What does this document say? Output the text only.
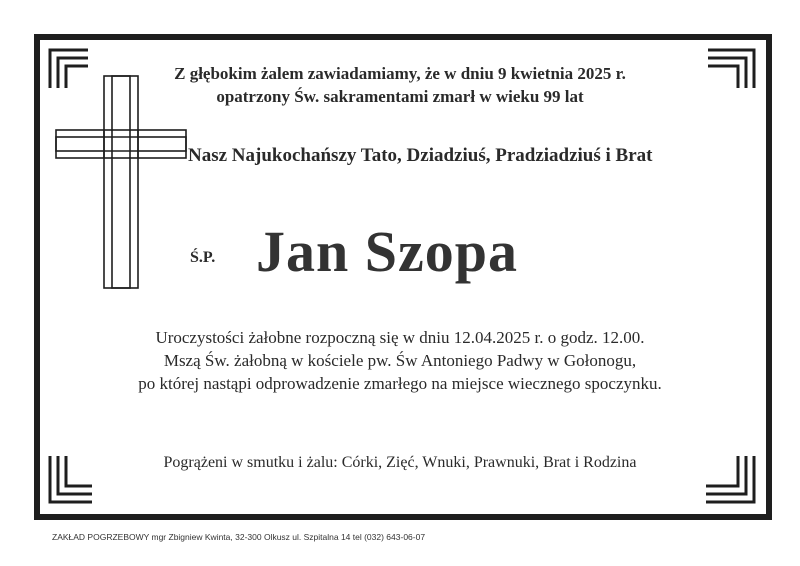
Z głębokim żalem zawiadamiamy, że w dniu 9 kwietnia 2025 r.
opatrzony Św. sakramentami zmarł w wieku 99 lat
Nasz Najukochańszy Tato, Dziadziuś, Pradziadziuś i Brat
Ś.P. Jan Szopa
Uroczystości żałobne rozpoczną się w dniu 12.04.2025 r. o godz. 12.00.
Mszą Św. żałobną w kościele pw. Św Antoniego Padwy w Gołonogu,
po której nastąpi odprowadzenie zmarłego na miejsce wiecznego spoczynku.
Pogrążeni w smutku i żalu: Córki, Zięć, Wnuki, Prawnuki, Brat i Rodzina
ZAKŁAD POGRZEBOWY mgr Zbigniew Kwinta, 32-300 Olkusz ul. Szpitalna 14 tel (032) 643-06-07
